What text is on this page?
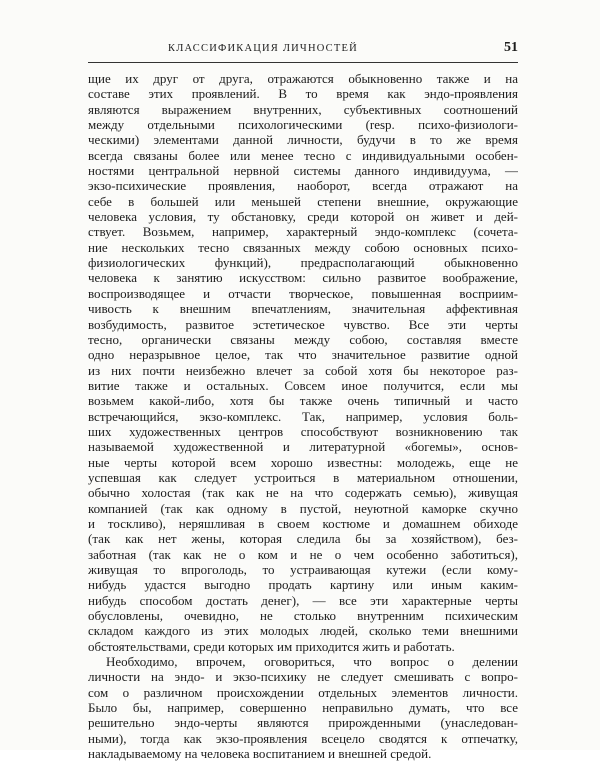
КЛАССИФИКАЦИЯ ЛИЧНОСТЕЙ	51
щие их друг от друга, отражаются обыкновенно также и на
составе этих проявлений. В то время как эндо-проявления
являются выражением внутренних, субъективных соотношений
между отдельными психологическими (resp. психо-физиологи-
ческими) элементами данной личности, будучи в то же время
всегда связаны более или менее тесно с индивидуальными особен-
ностями центральной нервной системы данного индивидуума, —
экзо-психические проявления, наоборот, всегда отражают на
себе в большей или меньшей степени внешние, окружающие
человека условия, ту обстановку, среди которой он живет и дей-
ствует. Возьмем, например, характерный эндо-комплекс (сочета-
ние нескольких тесно связанных между собою основных психо-
физиологических функций), предрасполагающий обыкновенно
человека к занятию искусством: сильно развитое воображение,
воспроизводящее и отчасти творческое, повышенная восприим-
чивость к внешним впечатлениям, значительная аффективная
возбудимость, развитое эстетическое чувство. Все эти черты
тесно, органически связаны между собою, составляя вместе
одно неразрывное целое, так что значительное развитие одной
из них почти неизбежно влечет за собой хотя бы некоторое раз-
витие также и остальных. Совсем иное получится, если мы
возьмем какой-либо, хотя бы также очень типичный и часто
встречающийся, экзо-комплекс. Так, например, условия боль-
ших художественных центров способствуют возникновению так
называемой художественной и литературной «богемы», основ-
ные черты которой всем хорошо известны: молодежь, еще не
успевшая как следует устроиться в материальном отношении,
обычно холостая (так как не на что содержать семью), живущая
компанией (так как одному в пустой, неуютной каморке скучно
и тоскливо), неряшливая в своем костюме и домашнем обиходе
(так как нет жены, которая следила бы за хозяйством), без-
заботная (так как не о ком и не о чем особенно заботиться),
живущая то впроголодь, то устраивающая кутежи (если кому-
нибудь удастся выгодно продать картину или иным каким-
нибудь способом достать денег), — все эти характерные черты
обусловлены, очевидно, не столько внутренним психическим
складом каждого из этих молодых людей, сколько теми внешними
обстоятельствами, среди которых им приходится жить и работать.
Необходимо, впрочем, оговориться, что вопрос о делении
личности на эндо- и экзо-психику не следует смешивать с вопро-
сом о различном происхождении отдельных элементов личности.
Было бы, например, совершенно неправильно думать, что все
решительно эндо-черты являются прирожденными (унаследован-
ными), тогда как экзо-проявления всецело сводятся к отпечатку,
накладываемому на человека воспитанием и внешней средой.
